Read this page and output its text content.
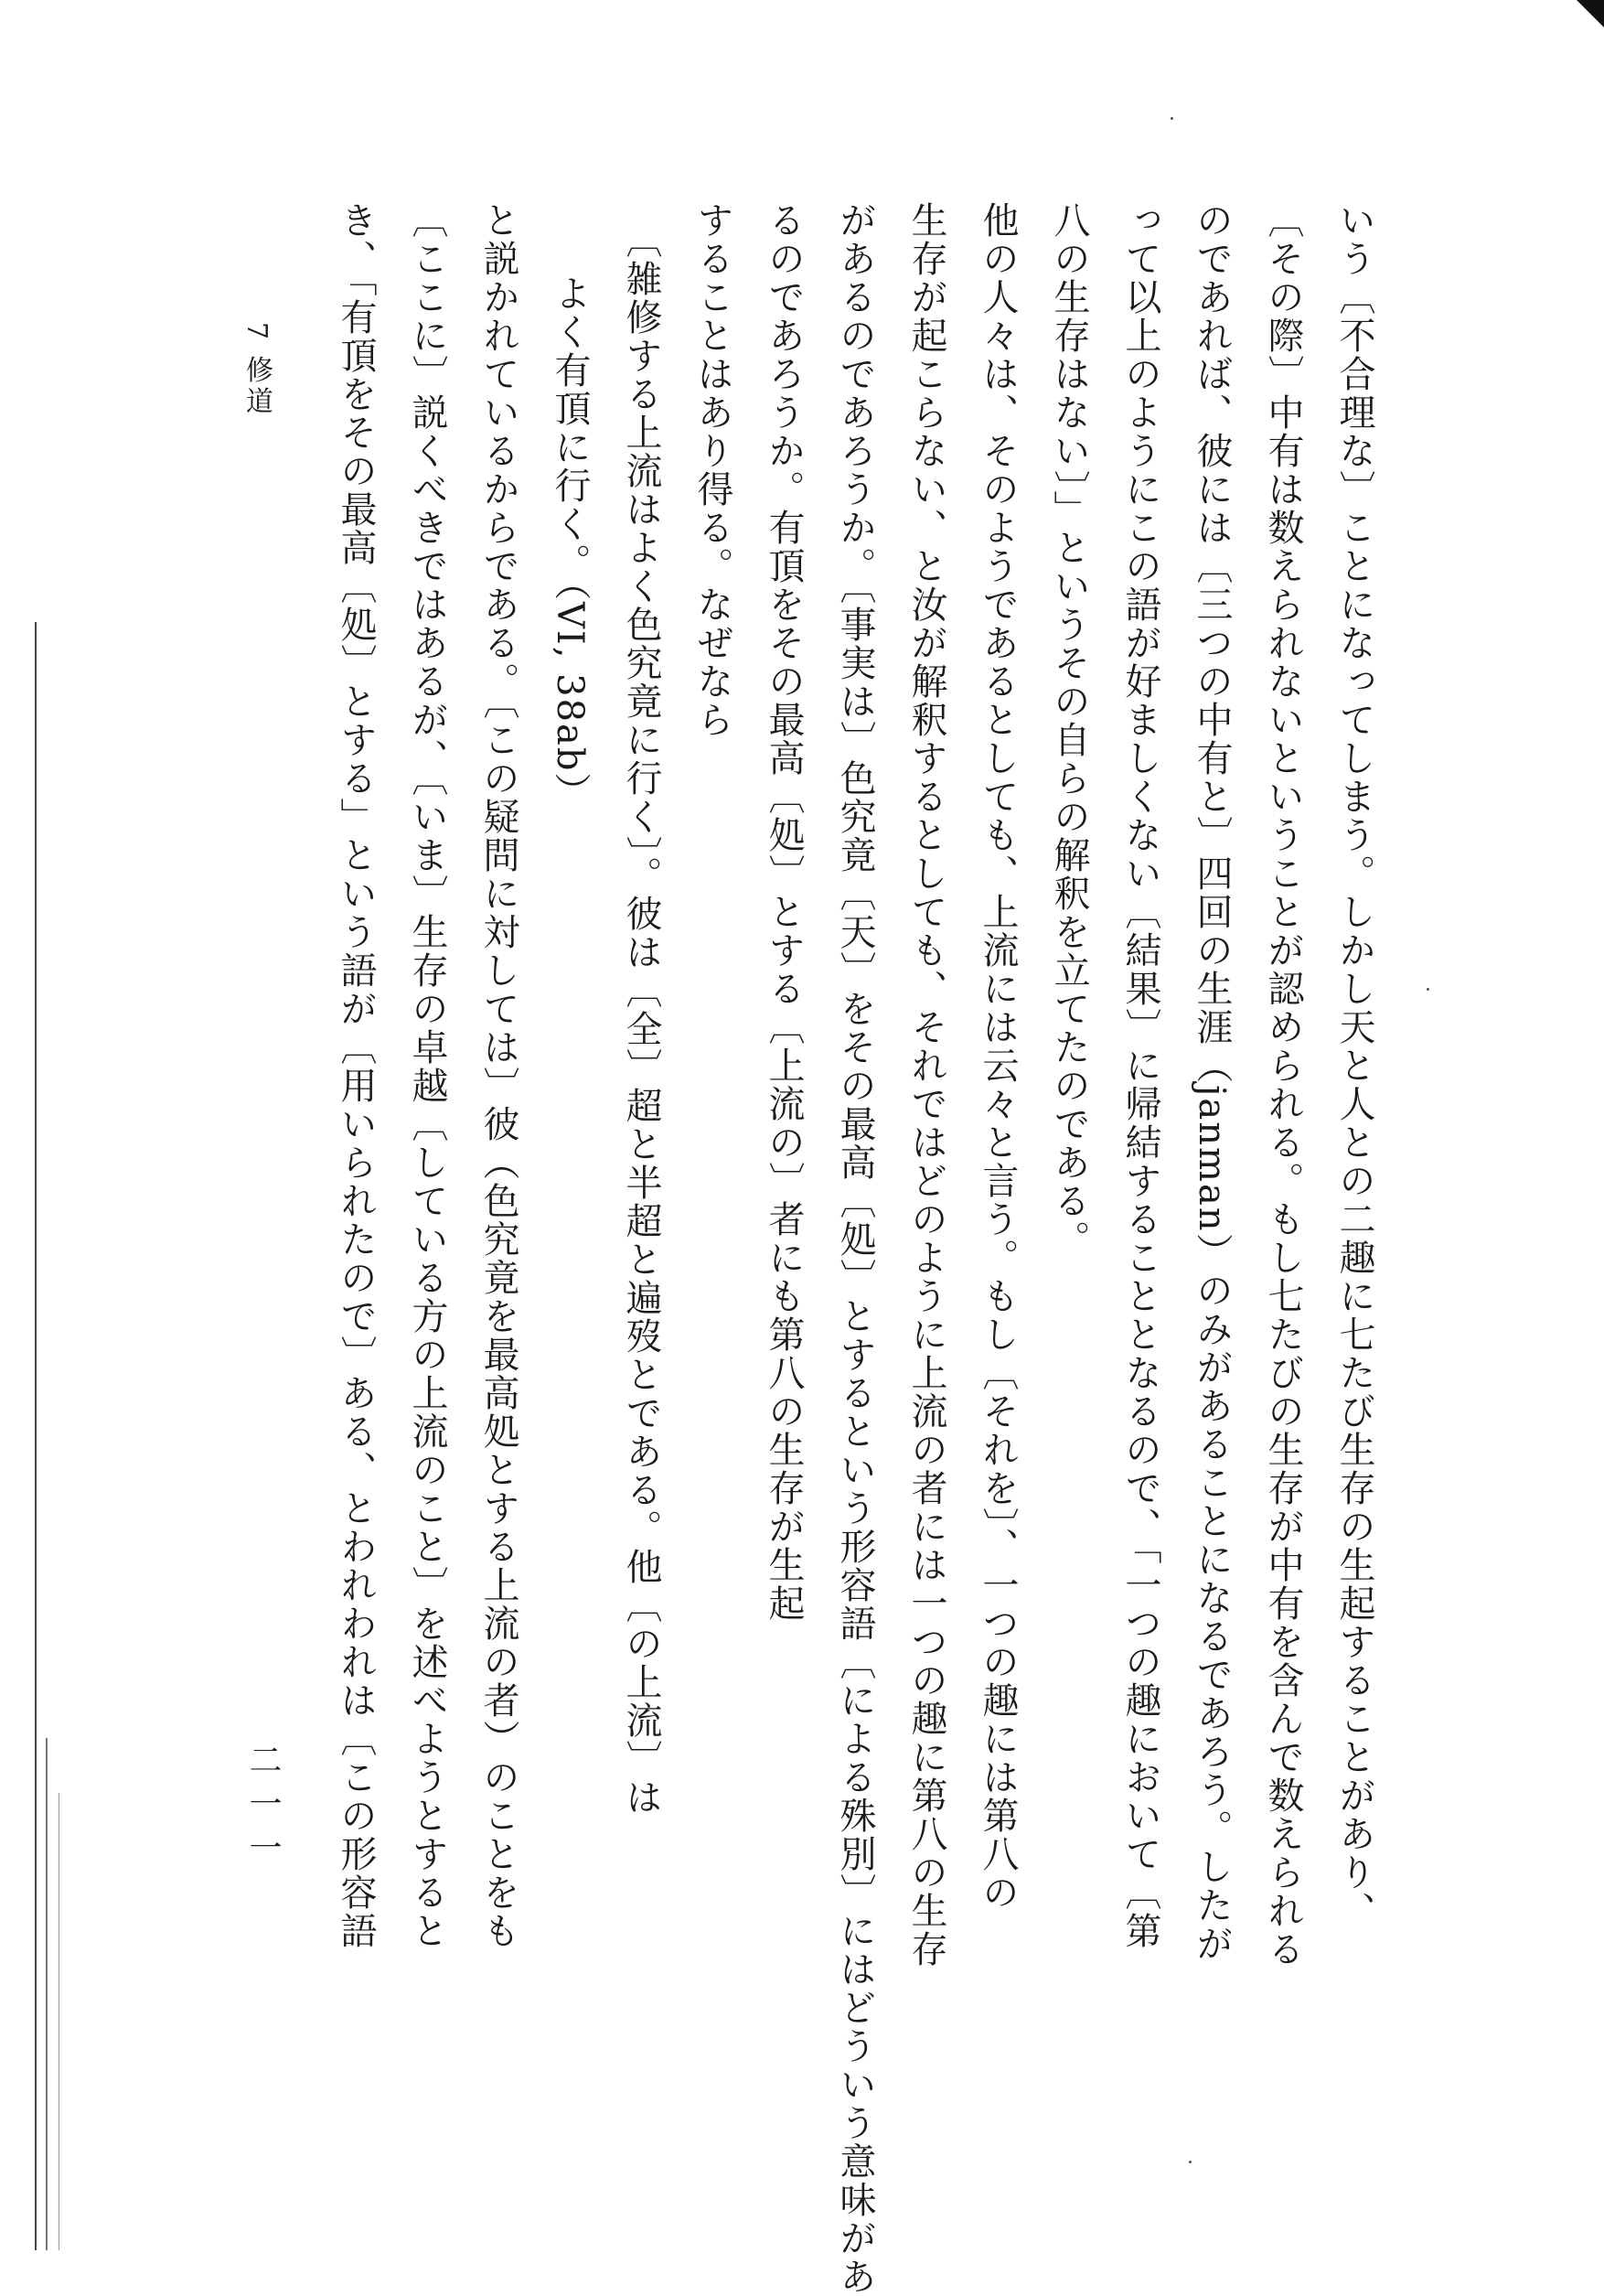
いう〔不合理な〕ことになってしまう。しかし天と人との二趣に七たび生存の生起することがあり、
〔その際〕中有は数えられないということが認められる。もし七たびの生存が中有を含んで数えられる
のであれば、彼には〔三つの中有と〕四回の生涯（janman）のみがあることになるであろう。したが
って以上のようにこの語が好ましくない〔結果〕に帰結することとなるので、「一つの趣において〔第
八の生存はない〕」というその自らの解釈を立てたのである。
他の人々は、そのようであるとしても、上流には云々と言う。もし〔それを〕、一つの趣には第八の
生存が起こらない、と汝が解釈するとしても、それではどのように上流の者には一つの趣に第八の生存
があるのであろうか。〔事実は〕色究竟〔天〕をその最高〔処〕とするという形容語〔による殊別〕にはどういう意味があ
るのであろうか。有頂をその最高〔処〕とする〔上流の〕者にも第八の生存が生起
することはあり得る。なぜなら
〔雑修する上流はよく色究竟に行く〕。彼は〔全〕超と半超と遍歿とである。他〔の上流〕は
よく有頂に行く。（VI, 38ab）
と説かれているからである。〔この疑問に対しては〕彼（色究竟を最高処とする上流の者）のことをも
〔ここに〕説くべきではあるが、〔いま〕生存の卓越〔している方の上流のこと〕を述べようとすると
き、「有頂をその最高〔処〕とする」という語が〔用いられたので〕ある、とわれわれは〔この形容語
7 修道
二一一
